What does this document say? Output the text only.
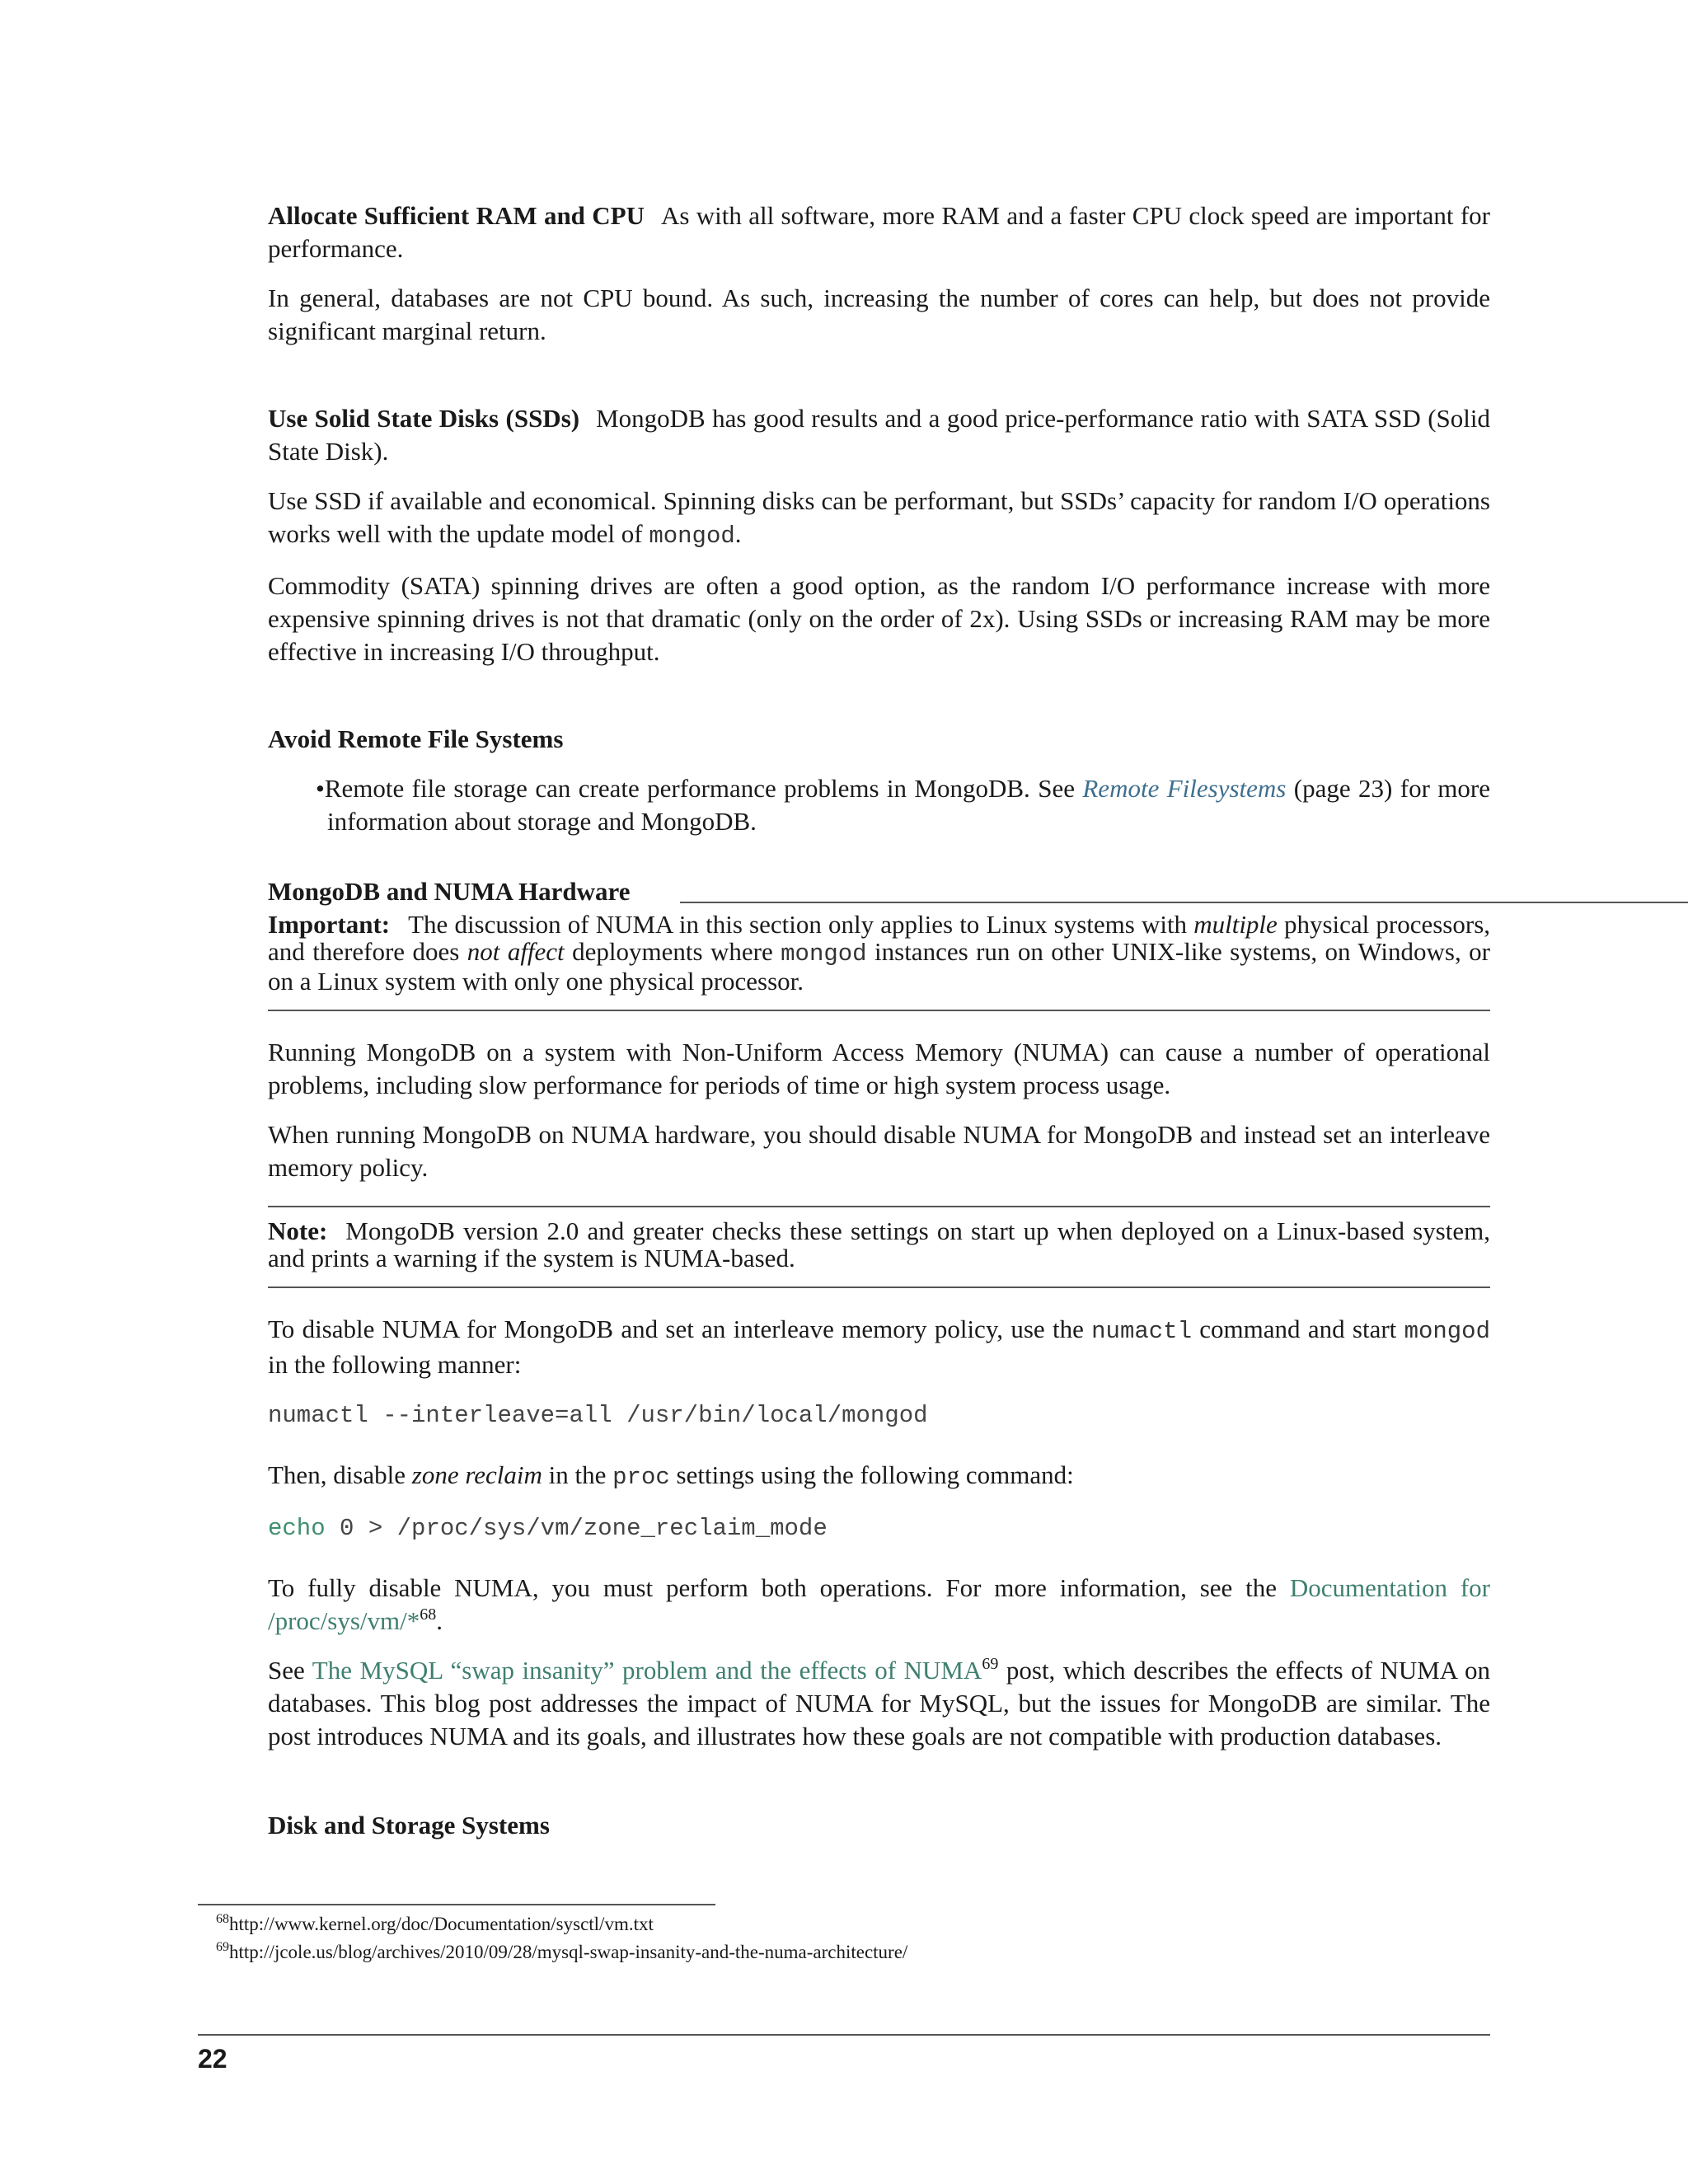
Allocate Sufficient RAM and CPU As with all software, more RAM and a faster CPU clock speed are important for performance.

In general, databases are not CPU bound. As such, increasing the number of cores can help, but does not provide significant marginal return.

Use Solid State Disks (SSDs) MongoDB has good results and a good price-performance ratio with SATA SSD (Solid State Disk).

Use SSD if available and economical. Spinning disks can be performant, but SSDs’ capacity for random I/O operations works well with the update model of mongod.

Commodity (SATA) spinning drives are often a good option, as the random I/O performance increase with more expensive spinning drives is not that dramatic (only on the order of 2x). Using SSDs or increasing RAM may be more effective in increasing I/O throughput.

Avoid Remote File Systems

•Remote file storage can create performance problems in MongoDB. See Remote Filesystems (page 23) for more information about storage and MongoDB.

Important: The discussion of NUMA in this section only applies to Linux systems with multiple physical processors, and therefore does not affect deployments where mongod instances run on other UNIX-like systems, on Windows, or on a Linux system with only one physical processor.

Running MongoDB on a system with Non-Uniform Access Memory (NUMA) can cause a number of operational problems, including slow performance for periods of time or high system process usage.

When running MongoDB on NUMA hardware, you should disable NUMA for MongoDB and instead set an interleave memory policy.

Note: MongoDB version 2.0 and greater checks these settings on start up when deployed on a Linux-based system, and prints a warning if the system is NUMA-based.

To disable NUMA for MongoDB and set an interleave memory policy, use the numactl command and start mongod in the following manner:

numactl --interleave=all /usr/bin/local/mongod

Then, disable zone reclaim in the proc settings using the following command:

echo 0 > /proc/sys/vm/zone_reclaim_mode

To fully disable NUMA, you must perform both operations. For more information, see the Documentation for /proc/sys/vm/*$^{68}$.

See The MySQL “swap insanity” problem and the effects of NUMA$^{69}$ post, which describes the effects of NUMA on databases. This blog post addresses the impact of NUMA for MySQL, but the issues for MongoDB are similar. The post introduces NUMA and its goals, and illustrates how these goals are not compatible with production databases.

Disk and Storage Systems

MongoDB and NUMA Hardware
$^{68}$http://www.kernel.org/doc/Documentation/sysctl/vm.txt
$^{69}$http://jcole.us/blog/archives/2010/09/28/mysql-swap-insanity-and-the-numa-architecture/
22
